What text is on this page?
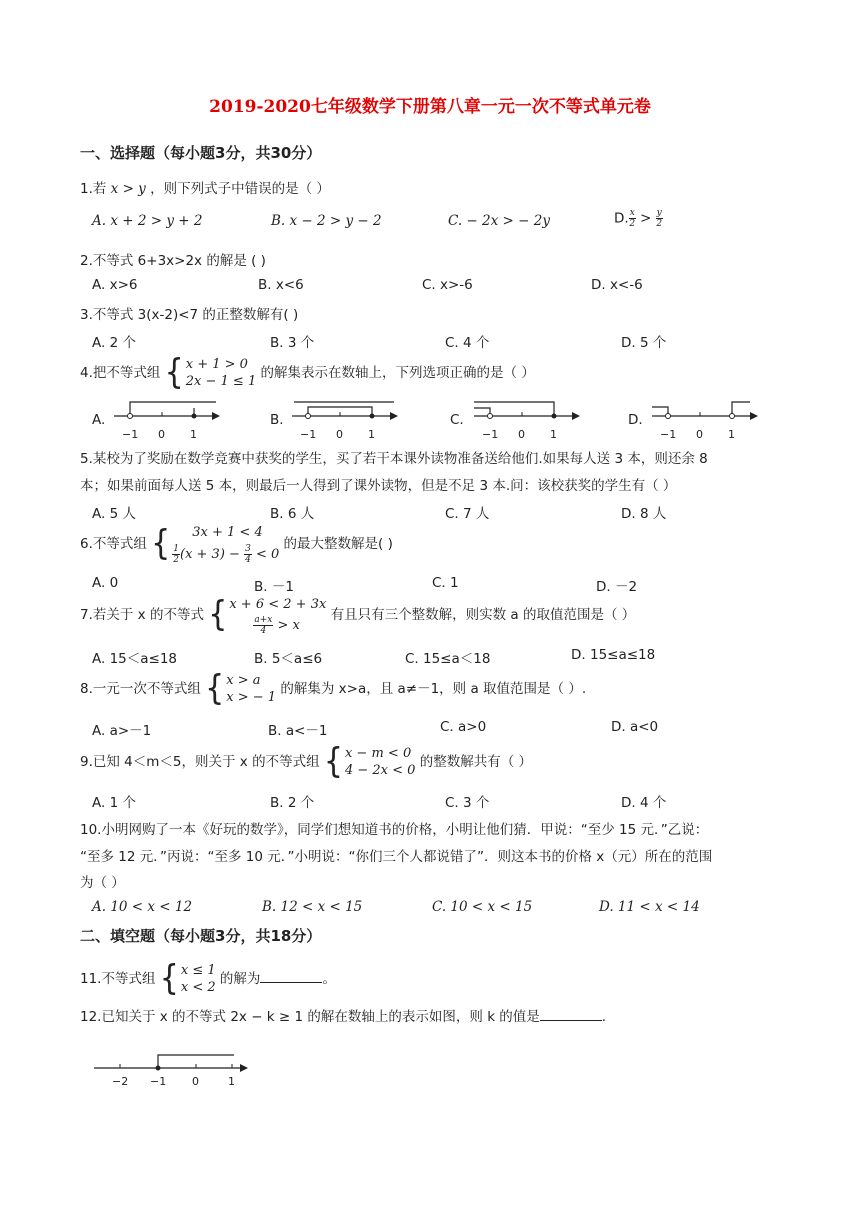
2019-2020七年级数学下册第八章一元一次不等式单元卷
一、选择题（每小题3分，共30分）
1.若 x > y ，则下列式子中错误的是（ ）
A. x + 2 > y + 2	B. x − 2 > y − 2	C. − 2x > − 2y	D. $\frac{x}{2} > \frac{y}{2}$
2.不等式 6+3x>2x 的解是 ( )
A. x>6	B. x<6	C. x>-6	D. x<-6
3.不等式 3(x-2)<7 的正整数解有( )
A. 2 个	B. 3 个	C. 4 个	D. 5 个
4.把不等式组 { x + 1 > 0
2x − 1 ≤ 1
的解集表示在数轴上，下列选项正确的是（ ）
A.	B.	C.	D.
−1 0 1	−1 0 1	−1 0 1	−1 0 1
5.某校为了奖励在数学竞赛中获奖的学生，买了若干本课外读物准备送给他们.如果每人送 3 本，则还余 8
本；如果前面每人送 5 本，则最后一人得到了课外读物，但是不足 3 本.问：该校获奖的学生有（ ）
A. 5 人	B. 6 人	C. 7 人	D. 8 人
6.不等式组 {	3x + 1 < 4
$\frac{1}{2} (x + 3) - \frac{3}{4} < 0$
的最大整数解是( )
A. 0	B. －1	C. 1	D. －2
7.若关于 x 的不等式 { x + 6 < 2 + 3x
$\frac{a+x}{4} > x$
有且只有三个整数解，则实数 a 的取值范围是（ ）
A. 15＜a≤18	B. 5＜a≤6	C. 15≤a＜18	D. 15≤a≤18
8.一元一次不等式组 { x > a
x > − 1
的解集为 x>a，且 a≠－1，则 a 取值范围是（ ）.
A. a>－1	B. a<－1	C. a>0	D. a<0
9.已知 4＜m＜5，则关于 x 的不等式组 { x − m < 0
4 − 2x < 0
的整数解共有（ ）
A. 1 个	B. 2 个	C. 3 个	D. 4 个
10.小明网购了一本《好玩的数学》，同学们想知道书的价格，小明让他们猜．甲说：“至少 15 元．”乙说：
“至多 12 元．”丙说：“至多 10 元．”小明说：“你们三个人都说错了”．则这本书的价格 x（元）所在的范围
为（ ）
A. 10 < x < 12	B. 12 < x < 15	C. 10 < x < 15	D. 11 < x < 14
二、填空题（每小题3分，共18分）
11.不等式组 { x ≤ 1
x < 2
的解为	。
12.已知关于 x 的不等式 2x − k ≥ 1 的解在数轴上的表示如图，则 k 的值是	.
−2 −1 0	1
